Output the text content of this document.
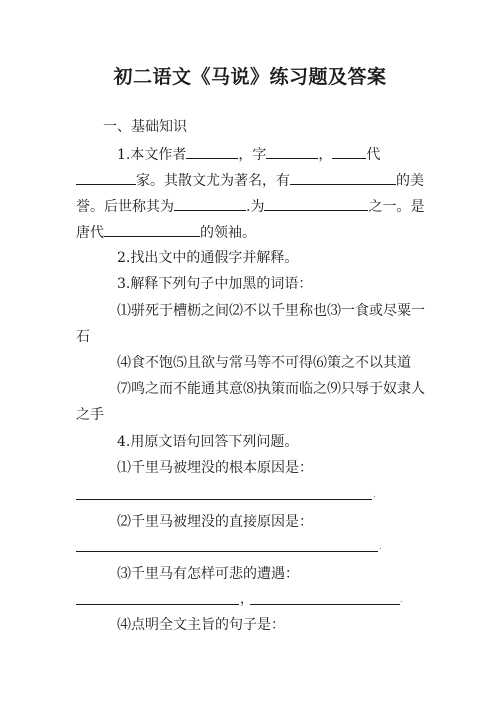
初二语文《马说》练习题及答案
一、基础知识
1.本文作者	，字	， 代
家。其散文尤为著名，有	的美
誉。后世称其为	.为	之一。是
唐代	的领袖。
2.找出文中的通假字并解释。
3.解释下列句子中加黑的词语：
⑴骈死于槽枥之间⑵不以千里称也⑶一食或尽粟一
石
⑷食不饱⑸且欲与常马等不可得⑹策之不以其道
⑺鸣之而不能通其意⑻执策而临之⑼只辱于奴隶人
之手
4.用原文语句回答下列问题。
⑴千里马被埋没的根本原因是：
.
⑵千里马被埋没的直接原因是：
.
⑶千里马有怎样可悲的遭遇：
，	.
⑷点明全文主旨的句子是：
